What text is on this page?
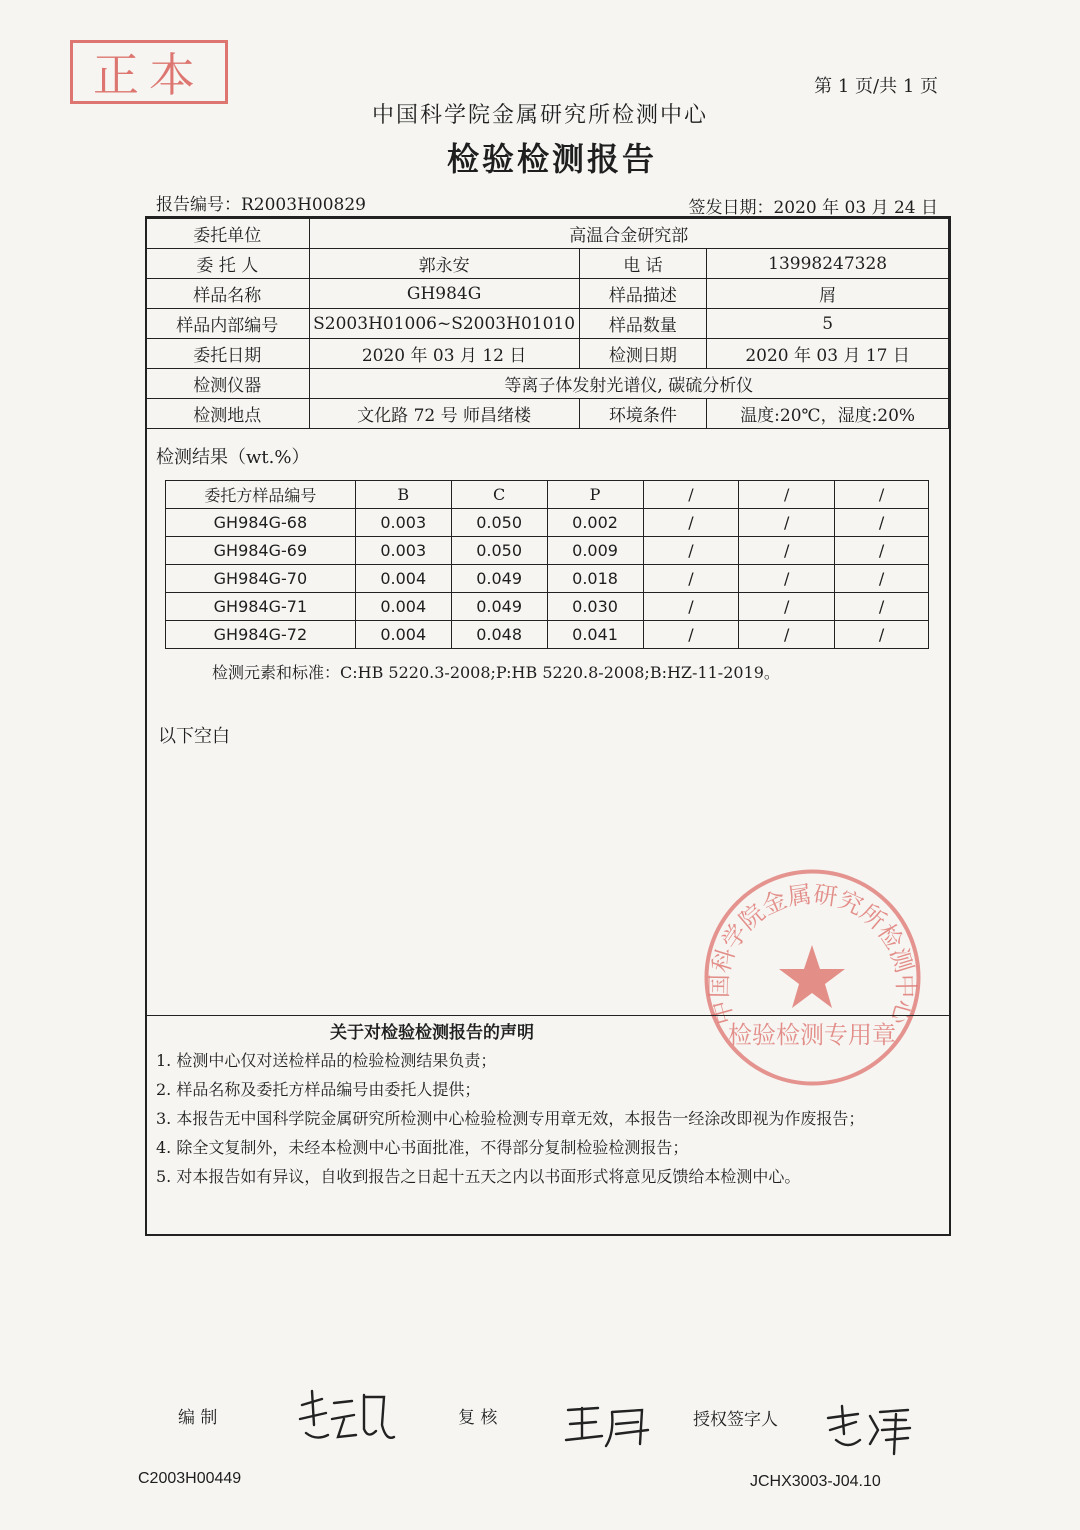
正本	第 1 页/共 1 页
中国科学院金属研究所检测中心
检验检测报告
报告编号：R2003H00829	签发日期：2020 年 03 月 24 日
委托单位	高温合金研究部		
委 托 人	郭永安	电 话	13998247328
样品名称	GH984G	样品描述	屑
样品内部编号	S2003H01006~S2003H01010	样品数量	5
委托日期	2020 年 03 月 12 日	检测日期	2020 年 03 月 17 日
检测仪器	等离子体发射光谱仪, 碳硫分析仪		
检测地点	文化路 72 号 师昌绪楼	环境条件	温度:20℃，湿度:20%
检测结果（wt.%）
委托方样品编号	B	C	P	/	/	/
GH984G-68	0.003	0.050	0.002	/	/	/
GH984G-69	0.003	0.050	0.009	/	/	/
GH984G-70	0.004	0.049	0.018	/	/	/
GH984G-71	0.004	0.049	0.030	/	/	/
GH984G-72	0.004	0.048	0.041	/	/	/
检测元素和标准：C:HB 5220.3-2008;P:HB 5220.8-2008;B:HZ-11-2019。
以下空白
中国科学院金属研究所检测中心
检验检测专用章
关于对检验检测报告的声明
1. 检测中心仅对送检样品的检验检测结果负责；
2. 样品名称及委托方样品编号由委托人提供；
3. 本报告无中国科学院金属研究所检测中心检验检测专用章无效，本报告一经涂改即视为作废报告；
4. 除全文复制外，未经本检测中心书面批准，不得部分复制检验检测报告；
5. 对本报告如有异议，自收到报告之日起十五天之内以书面形式将意见反馈给本检测中心。
编 制	复 核	授权签字人
C2003H00449	JCHX3003-J04.10
